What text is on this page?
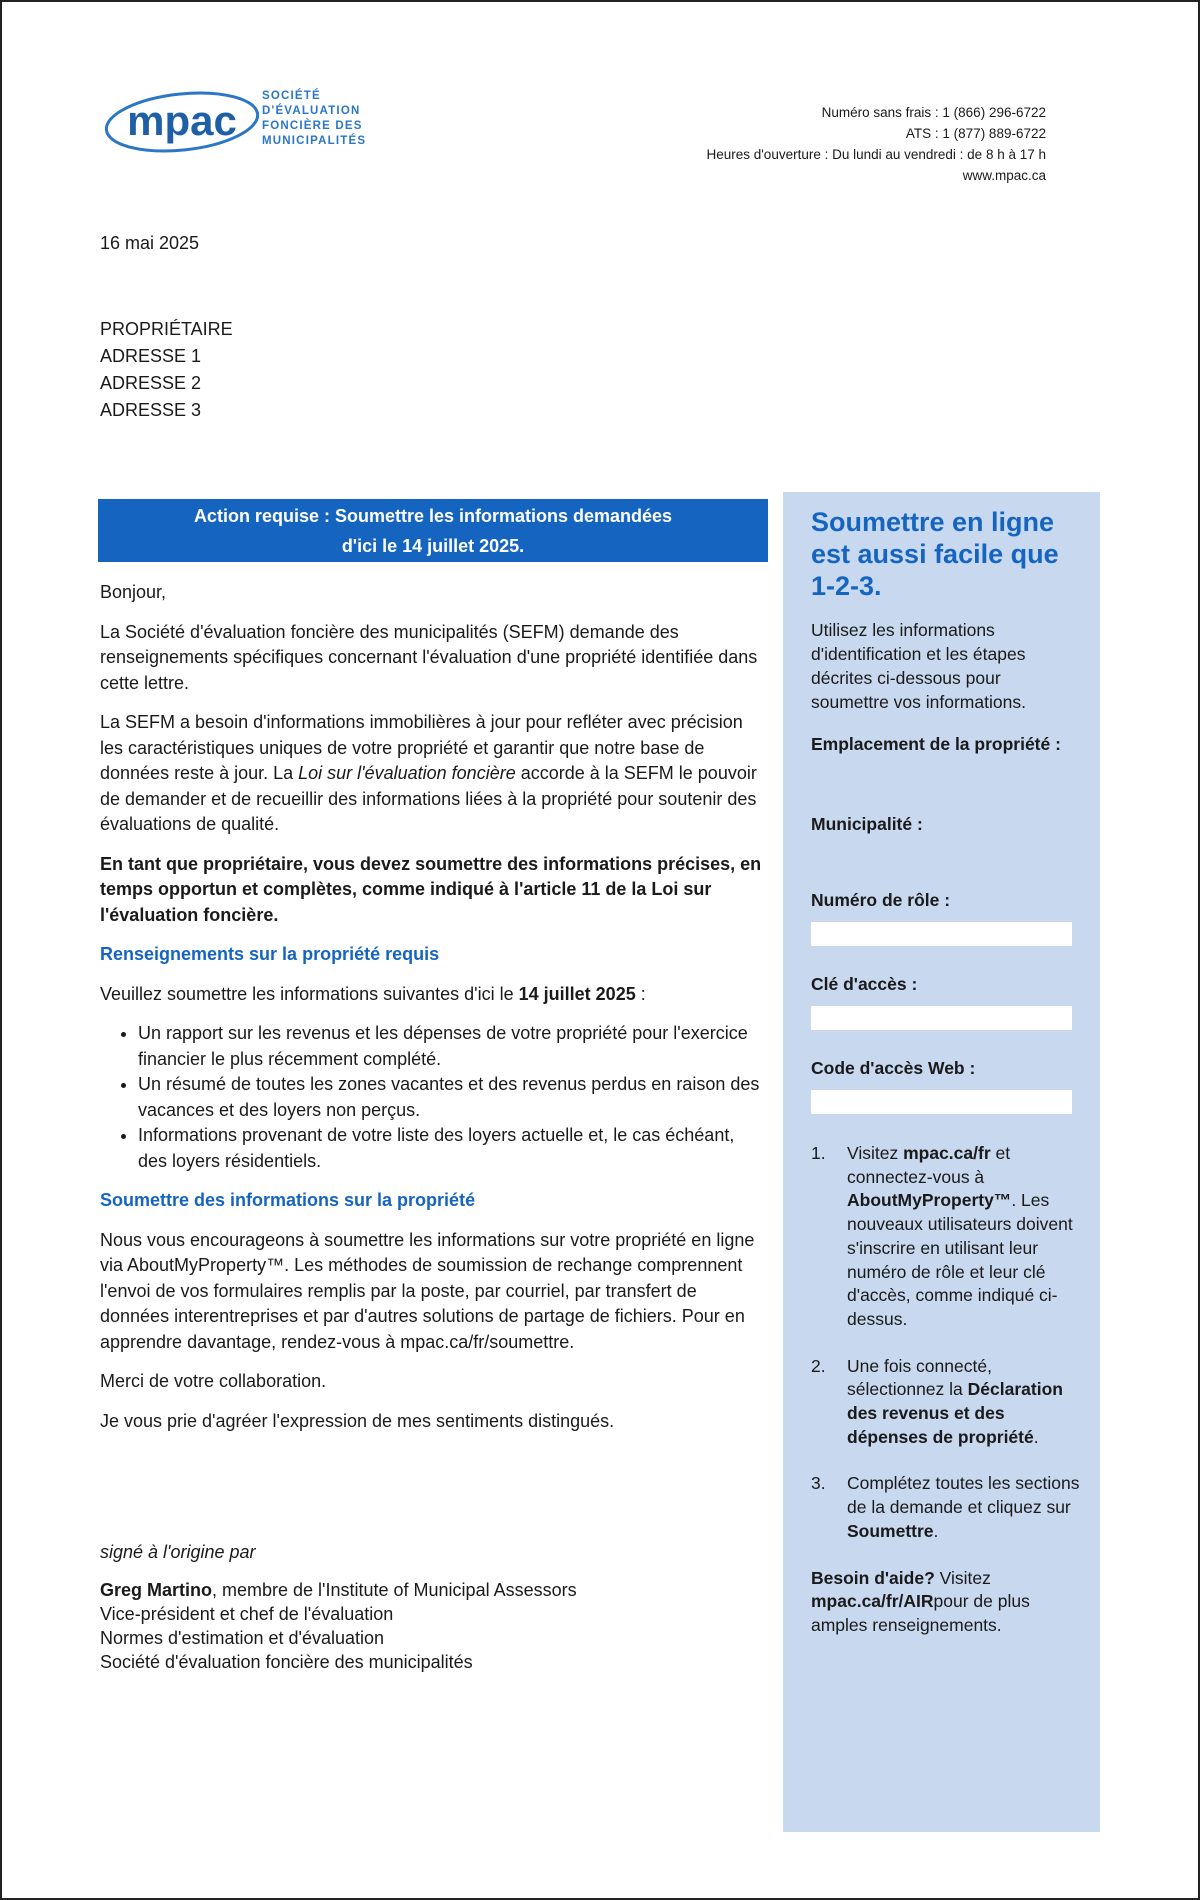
mpac
SOCIÉTÉ
D'ÉVALUATION
FONCIÈRE DES
MUNICIPALITÉS
Numéro sans frais : 1 (866) 296-6722
ATS : 1 (877) 889-6722
Heures d'ouverture : Du lundi au vendredi : de 8 h à 17 h
www.mpac.ca
16 mai 2025
PROPRIÉTAIRE
ADRESSE 1
ADRESSE 2
ADRESSE 3
Action requise : Soumettre les informations demandées
d'ici le 14 juillet 2025.

Bonjour,

La Société d'évaluation foncière des municipalités (SEFM) demande des renseignements spécifiques concernant l'évaluation d'une propriété identifiée dans cette lettre.

La SEFM a besoin d'informations immobilières à jour pour refléter avec précision les caractéristiques uniques de votre propriété et garantir que notre base de données reste à jour. La Loi sur l'évaluation foncière accorde à la SEFM le pouvoir de demander et de recueillir des informations liées à la propriété pour soutenir des évaluations de qualité.

En tant que propriétaire, vous devez soumettre des informations précises, en temps opportun et complètes, comme indiqué à l'article 11 de la Loi sur l'évaluation foncière.

Renseignements sur la propriété requis

Veuillez soumettre les informations suivantes d'ici le 14 juillet 2025 :

• Un rapport sur les revenus et les dépenses de votre propriété pour l'exercice financier le plus récemment complété.
• Un résumé de toutes les zones vacantes et des revenus perdus en raison des vacances et des loyers non perçus.
• Informations provenant de votre liste des loyers actuelle et, le cas échéant, des loyers résidentiels.
Soumettre des informations sur la propriété

Nous vous encourageons à soumettre les informations sur votre propriété en ligne via AboutMyProperty™. Les méthodes de soumission de rechange comprennent l'envoi de vos formulaires remplis par la poste, par courriel, par transfert de données interentreprises et par d'autres solutions de partage de fichiers. Pour en apprendre davantage, rendez-vous à mpac.ca/fr/soumettre.

Merci de votre collaboration.

Je vous prie d'agréer l'expression de mes sentiments distingués.

signé à l'origine par
Greg Martino, membre de l'Institute of Municipal Assessors
Vice-président et chef de l'évaluation
Normes d'estimation et d'évaluation
Société d'évaluation foncière des municipalités
Soumettre en ligne est aussi facile que 1-2-3.
Utilisez les informations d'identification et les étapes décrites ci-dessous pour soumettre vos informations.
Emplacement de la propriété :
Municipalité :
Numéro de rôle :
Clé d'accès :
Code d'accès Web :
1. Visitez mpac.ca/fr et connectez-vous à AboutMyProperty™. Les nouveaux utilisateurs doivent s'inscrire en utilisant leur numéro de rôle et leur clé d'accès, comme indiqué ci-dessus.
2. Une fois connecté, sélectionnez la Déclaration des revenus et des dépenses de propriété.
3. Complétez toutes les sections de la demande et cliquez sur Soumettre.
Besoin d'aide? Visitez mpac.ca/fr/AIRpour de plus amples renseignements.
